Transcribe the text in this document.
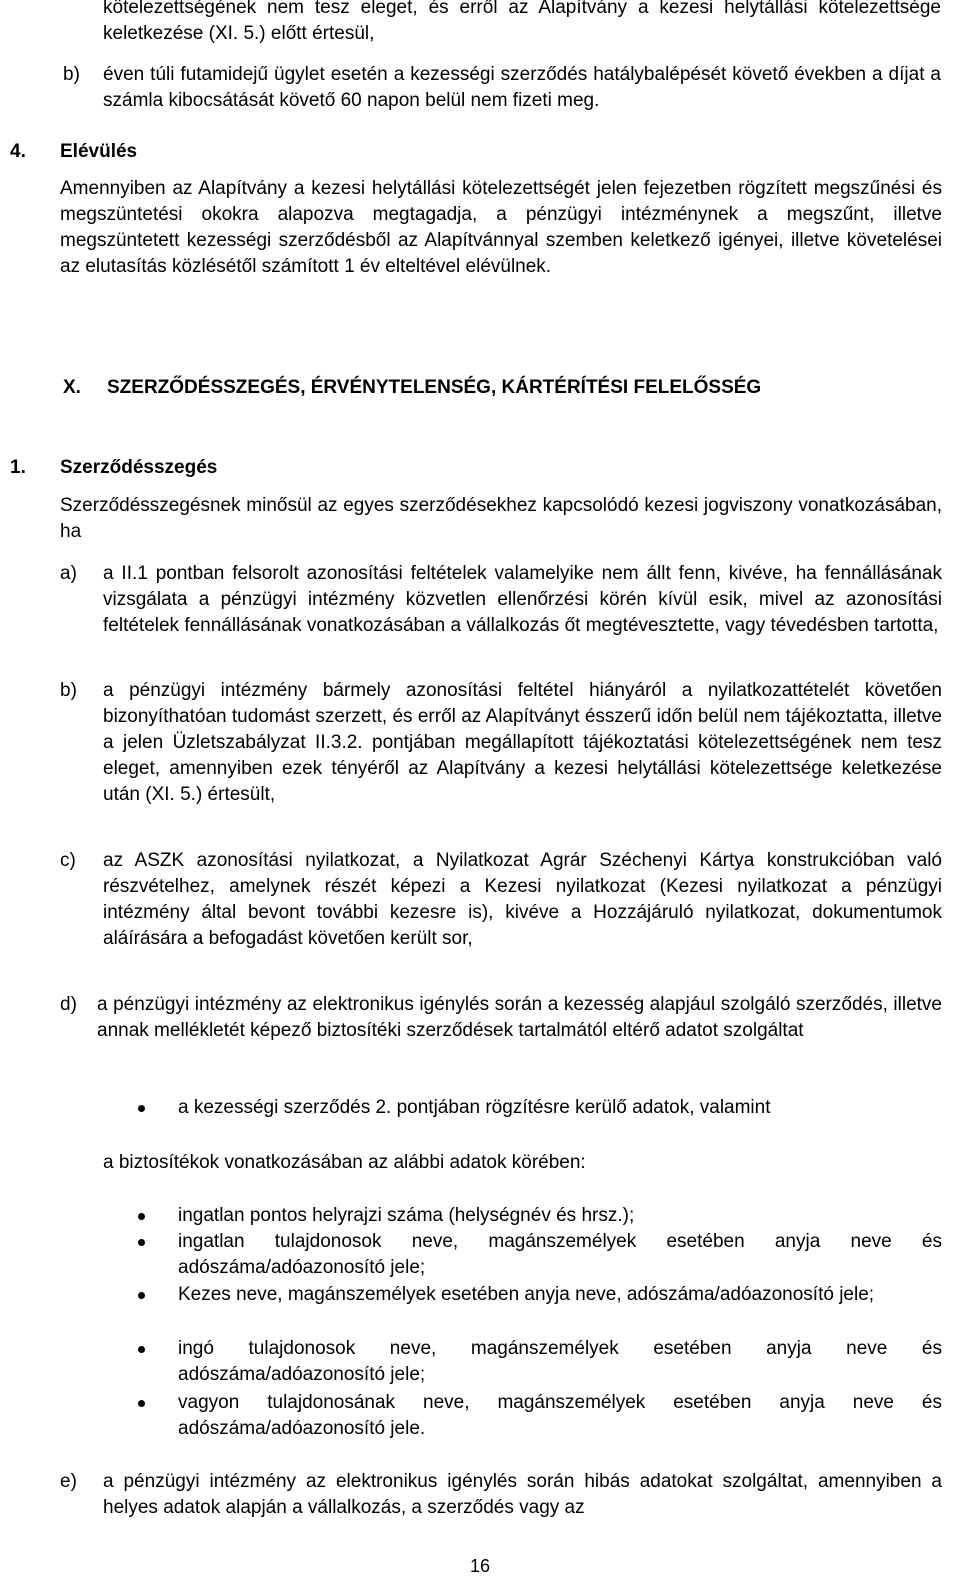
kötelezettségének nem tesz eleget, és erről az Alapítvány a kezesi helytállási kötelezettsége keletkezése (XI. 5.) előtt értesül,
b) éven túli futamidejű ügylet esetén a kezességi szerződés hatálybalépését követő években a díjat a számla kibocsátását követő 60 napon belül nem fizeti meg.
4. Elévülés
Amennyiben az Alapítvány a kezesi helytállási kötelezettségét jelen fejezetben rögzített megszűnési és megszüntetési okokra alapozva megtagadja, a pénzügyi intézménynek a megszűnt, illetve megszüntetett kezességi szerződésből az Alapítvánnyal szemben keletkező igényei, illetve követelései az elutasítás közlésétől számított 1 év elteltével elévülnek.
X. SZERZŐDÉSSZEGÉS, ÉRVÉNYTELENSÉG, KÁRTÉRÍTÉSI FELELŐSSÉG
1. Szerződésszegés
Szerződésszegésnek minősül az egyes szerződésekhez kapcsolódó kezesi jogviszony vonatkozásában, ha
a) a II.1 pontban felsorolt azonosítási feltételek valamelyike nem állt fenn, kivéve, ha fennállásának vizsgálata a pénzügyi intézmény közvetlen ellenőrzési körén kívül esik, mivel az azonosítási feltételek fennállásának vonatkozásában a vállalkozás őt megtévesztette, vagy tévedésben tartotta,
b) a pénzügyi intézmény bármely azonosítási feltétel hiányáról a nyilatkozattételét követően bizonyíthatóan tudomást szerzett, és erről az Alapítványt ésszerű időn belül nem tájékoztatta, illetve a jelen Üzletszabályzat II.3.2. pontjában megállapított tájékoztatási kötelezettségének nem tesz eleget, amennyiben ezek tényéről az Alapítvány a kezesi helytállási kötelezettsége keletkezése után (XI. 5.) értesült,
c) az ASZK azonosítási nyilatkozat, a Nyilatkozat Agrár Széchenyi Kártya konstrukcióban való részvételhez, amelynek részét képezi a Kezesi nyilatkozat (Kezesi nyilatkozat a pénzügyi intézmény által bevont további kezesre is), kivéve a Hozzájáruló nyilatkozat, dokumentumok aláírására a befogadást követően került sor,
d) a pénzügyi intézmény az elektronikus igénylés során a kezesség alapjául szolgáló szerződés, illetve annak mellékletét képező biztosítéki szerződések tartalmától eltérő adatot szolgáltat
a kezességi szerződés 2. pontjában rögzítésre kerülő adatok, valamint
a biztosítékok vonatkozásában az alábbi adatok körében:
ingatlan pontos helyrajzi száma (helységnév és hrsz.);
ingatlan tulajdonosok neve, magánszemélyek esetében anyja neve és adószáma/adóazonosító jele;
Kezes neve, magánszemélyek esetében anyja neve, adószáma/adóazonosító jele;
ingó tulajdonosok neve, magánszemélyek esetében anyja neve és adószáma/adóazonosító jele;
vagyon tulajdonosának neve, magánszemélyek esetében anyja neve és adószáma/adóazonosító jele.
e) a pénzügyi intézmény az elektronikus igénylés során hibás adatokat szolgáltat, amennyiben a helyes adatok alapján a vállalkozás, a szerződés vagy az
16
